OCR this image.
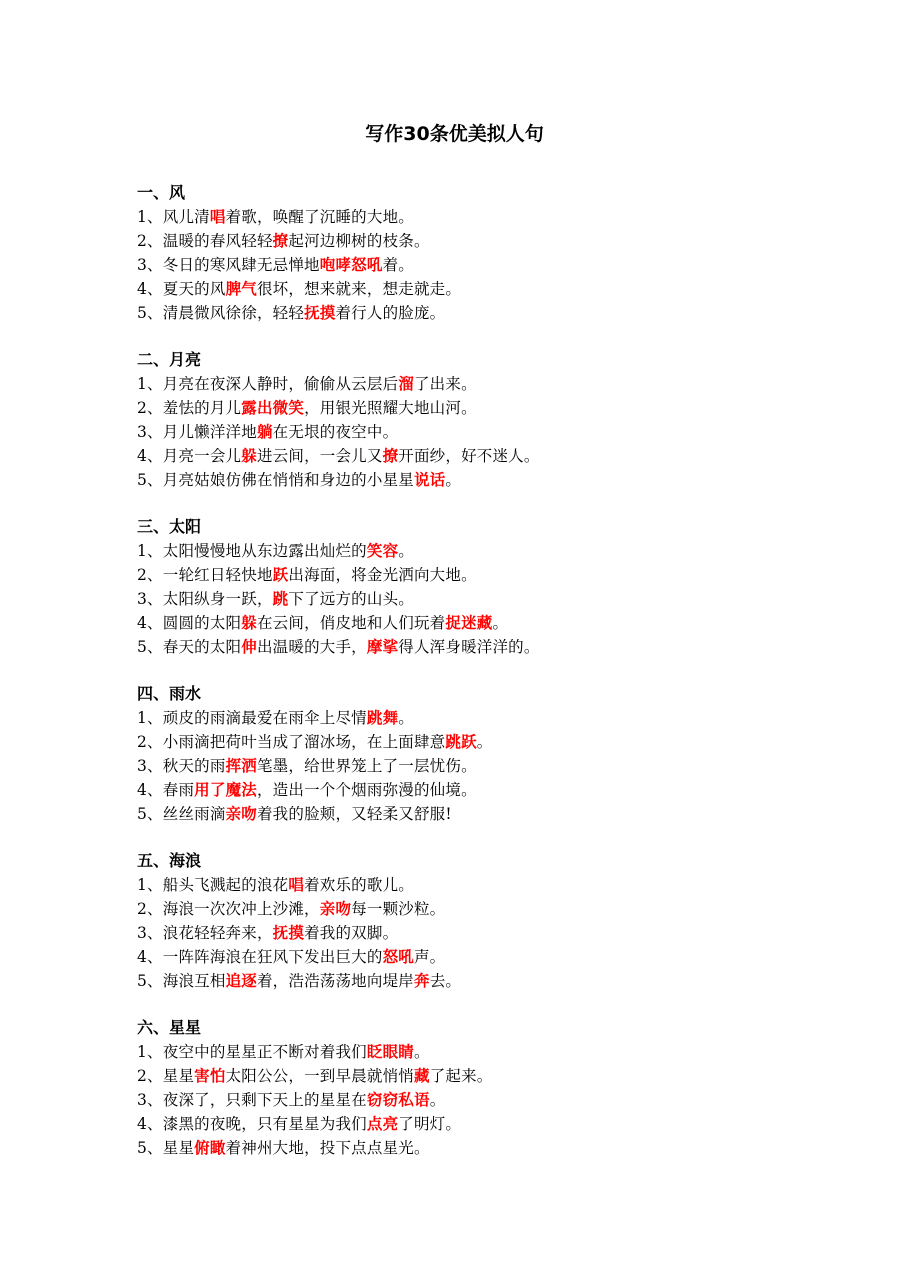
写作30条优美拟人句
一、风
1、风儿清唱着歌，唤醒了沉睡的大地。
2、温暖的春风轻轻撩起河边柳树的枝条。
3、冬日的寒风肆无忌惮地咆哮怒吼着。
4、夏天的风脾气很坏，想来就来，想走就走。
5、清晨微风徐徐，轻轻抚摸着行人的脸庞。
二、月亮
1、月亮在夜深人静时，偷偷从云层后溜了出来。
2、羞怯的月儿露出微笑，用银光照耀大地山河。
3、月儿懒洋洋地躺在无垠的夜空中。
4、月亮一会儿躲进云间，一会儿又撩开面纱，好不迷人。
5、月亮姑娘仿佛在悄悄和身边的小星星说话。
三、太阳
1、太阳慢慢地从东边露出灿烂的笑容。
2、一轮红日轻快地跃出海面，将金光洒向大地。
3、太阳纵身一跃，跳下了远方的山头。
4、圆圆的太阳躲在云间，俏皮地和人们玩着捉迷藏。
5、春天的太阳伸出温暖的大手，摩挲得人浑身暖洋洋的。
四、雨水
1、顽皮的雨滴最爱在雨伞上尽情跳舞。
2、小雨滴把荷叶当成了溜冰场，在上面肆意跳跃。
3、秋天的雨挥洒笔墨，给世界笼上了一层忧伤。
4、春雨用了魔法，造出一个个烟雨弥漫的仙境。
5、丝丝雨滴亲吻着我的脸颊，又轻柔又舒服!
五、海浪
1、船头飞溅起的浪花唱着欢乐的歌儿。
2、海浪一次次冲上沙滩，亲吻每一颗沙粒。
3、浪花轻轻奔来，抚摸着我的双脚。
4、一阵阵海浪在狂风下发出巨大的怒吼声。
5、海浪互相追逐着，浩浩荡荡地向堤岸奔去。
六、星星
1、夜空中的星星正不断对着我们眨眼睛。
2、星星害怕太阳公公，一到早晨就悄悄藏了起来。
3、夜深了，只剩下天上的星星在窃窃私语。
4、漆黑的夜晚，只有星星为我们点亮了明灯。
5、星星俯瞰着神州大地，投下点点星光。
